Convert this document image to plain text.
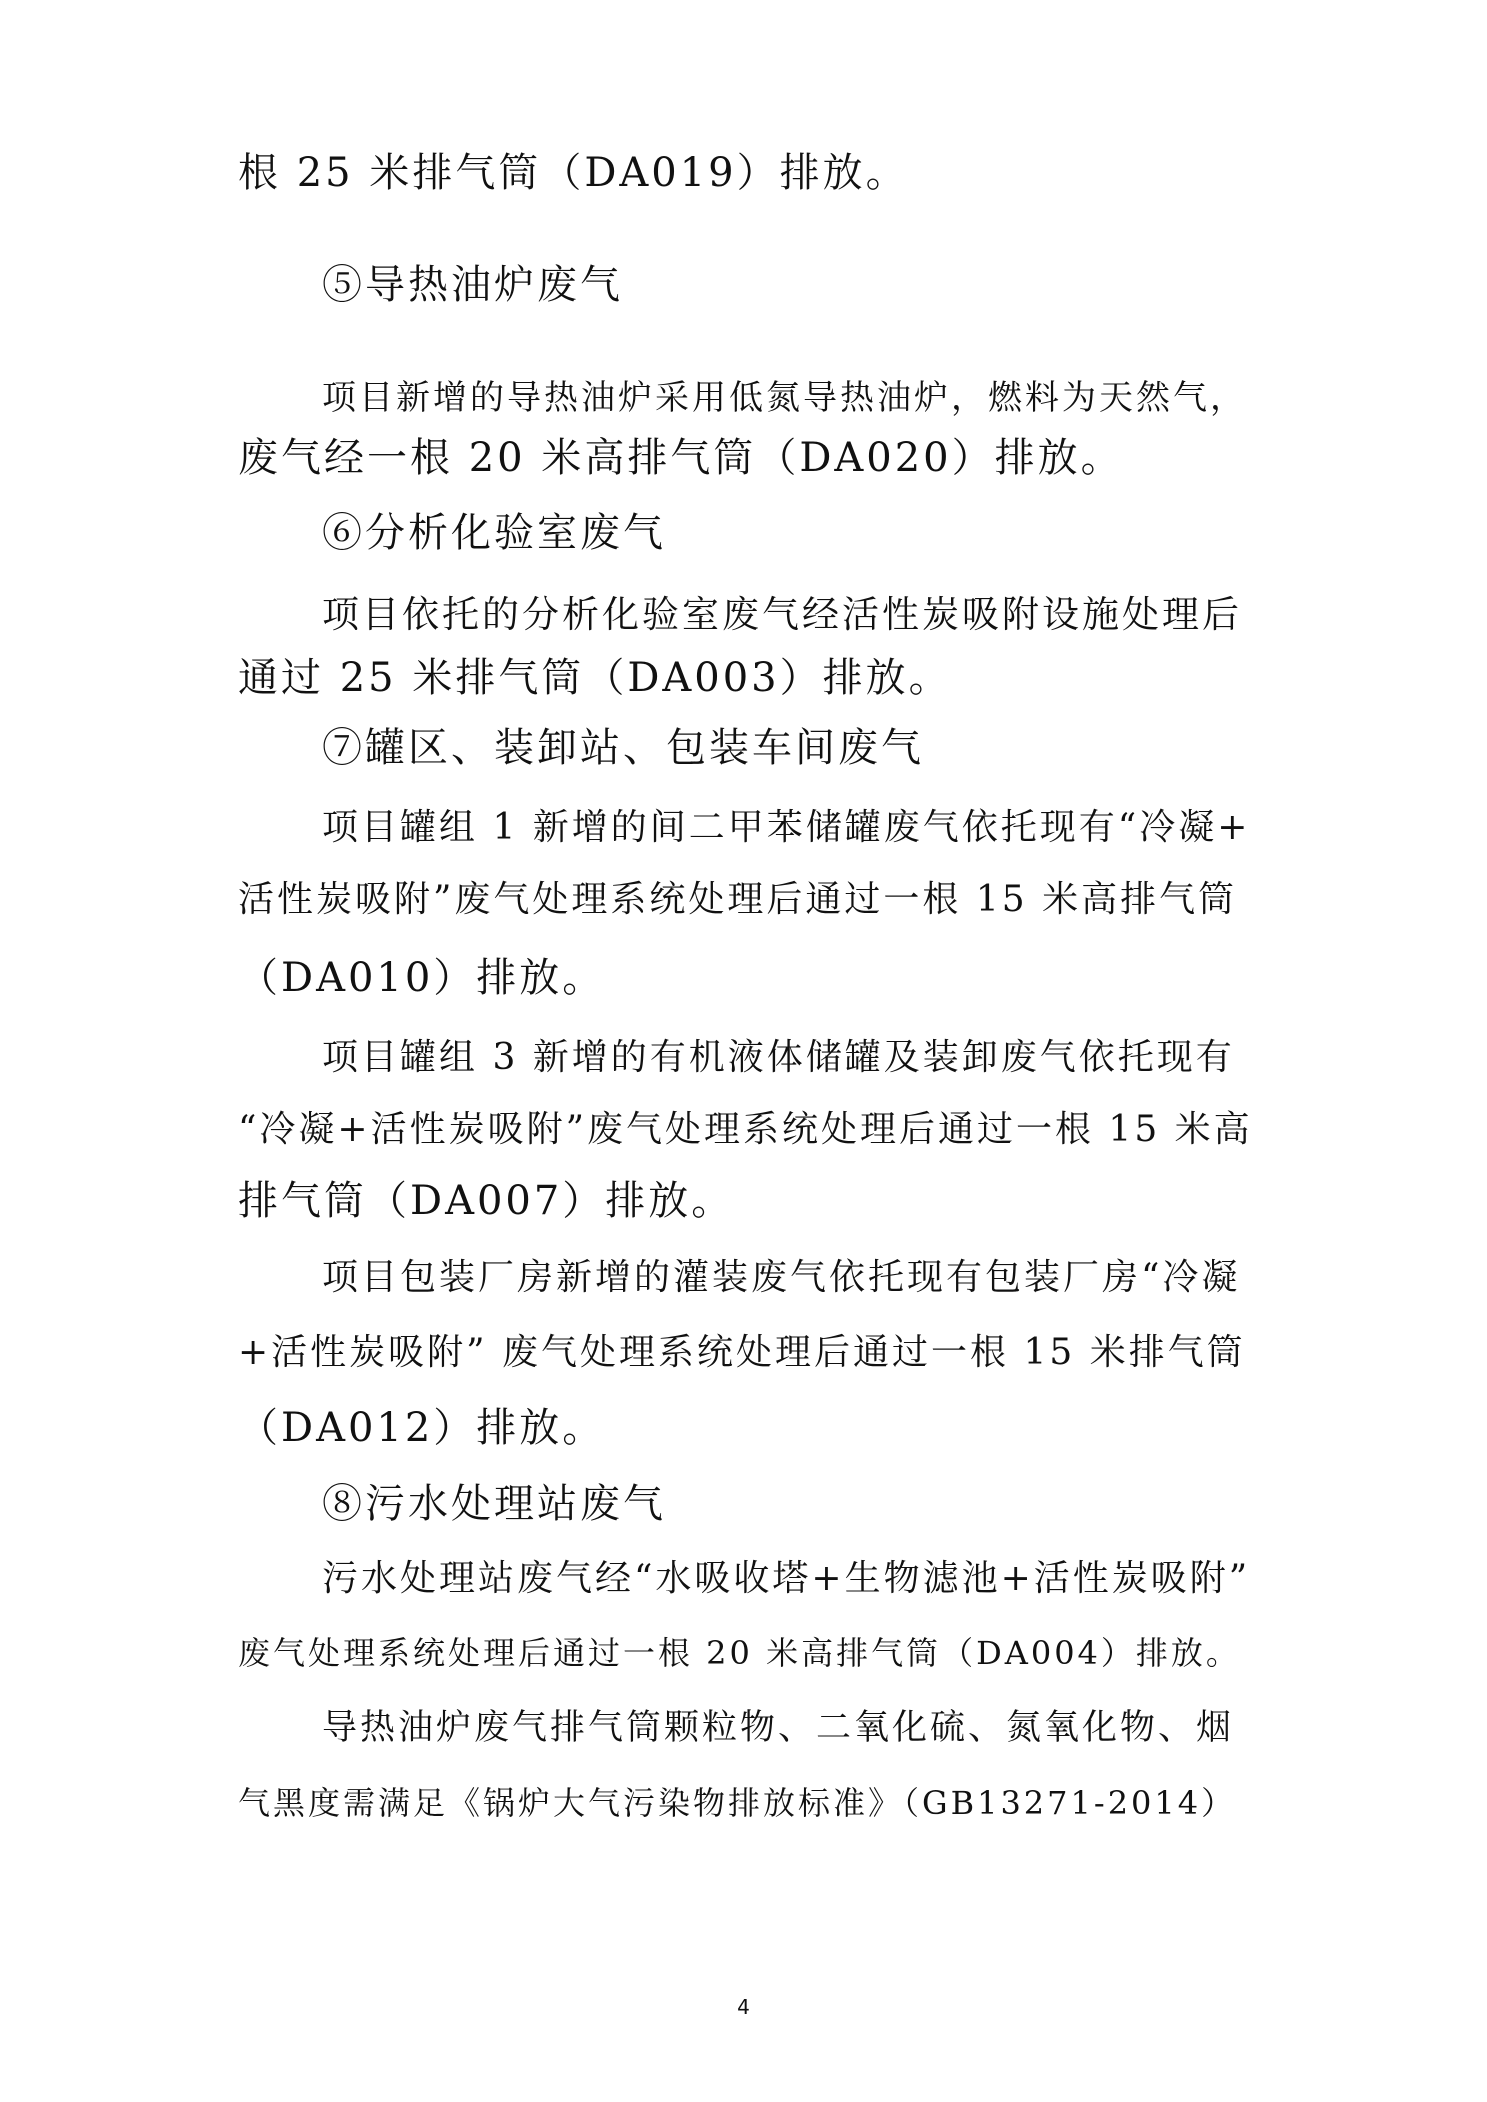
根 25 米排气筒（DA019）排放。
⑤导热油炉废气
项目新增的导热油炉采用低氮导热油炉，燃料为天然气，
废气经一根 20 米高排气筒（DA020）排放。
⑥分析化验室废气
项目依托的分析化验室废气经活性炭吸附设施处理后
通过 25 米排气筒（DA003）排放。
⑦罐区、装卸站、包装车间废气
项目罐组 1 新增的间二甲苯储罐废气依托现有“冷凝+
活性炭吸附”废气处理系统处理后通过一根 15 米高排气筒
（DA010）排放。
项目罐组 3 新增的有机液体储罐及装卸废气依托现有
“冷凝+活性炭吸附”废气处理系统处理后通过一根 15 米高
排气筒（DA007）排放。
项目包装厂房新增的灌装废气依托现有包装厂房“冷凝
+活性炭吸附” 废气处理系统处理后通过一根 15 米排气筒
（DA012）排放。
⑧污水处理站废气
污水处理站废气经“水吸收塔+生物滤池+活性炭吸附”
废气处理系统处理后通过一根 20 米高排气筒（DA004）排放。
导热油炉废气排气筒颗粒物、二氧化硫、氮氧化物、烟
气黑度需满足《锅炉大气污染物排放标准》（GB13271-2014）
4
